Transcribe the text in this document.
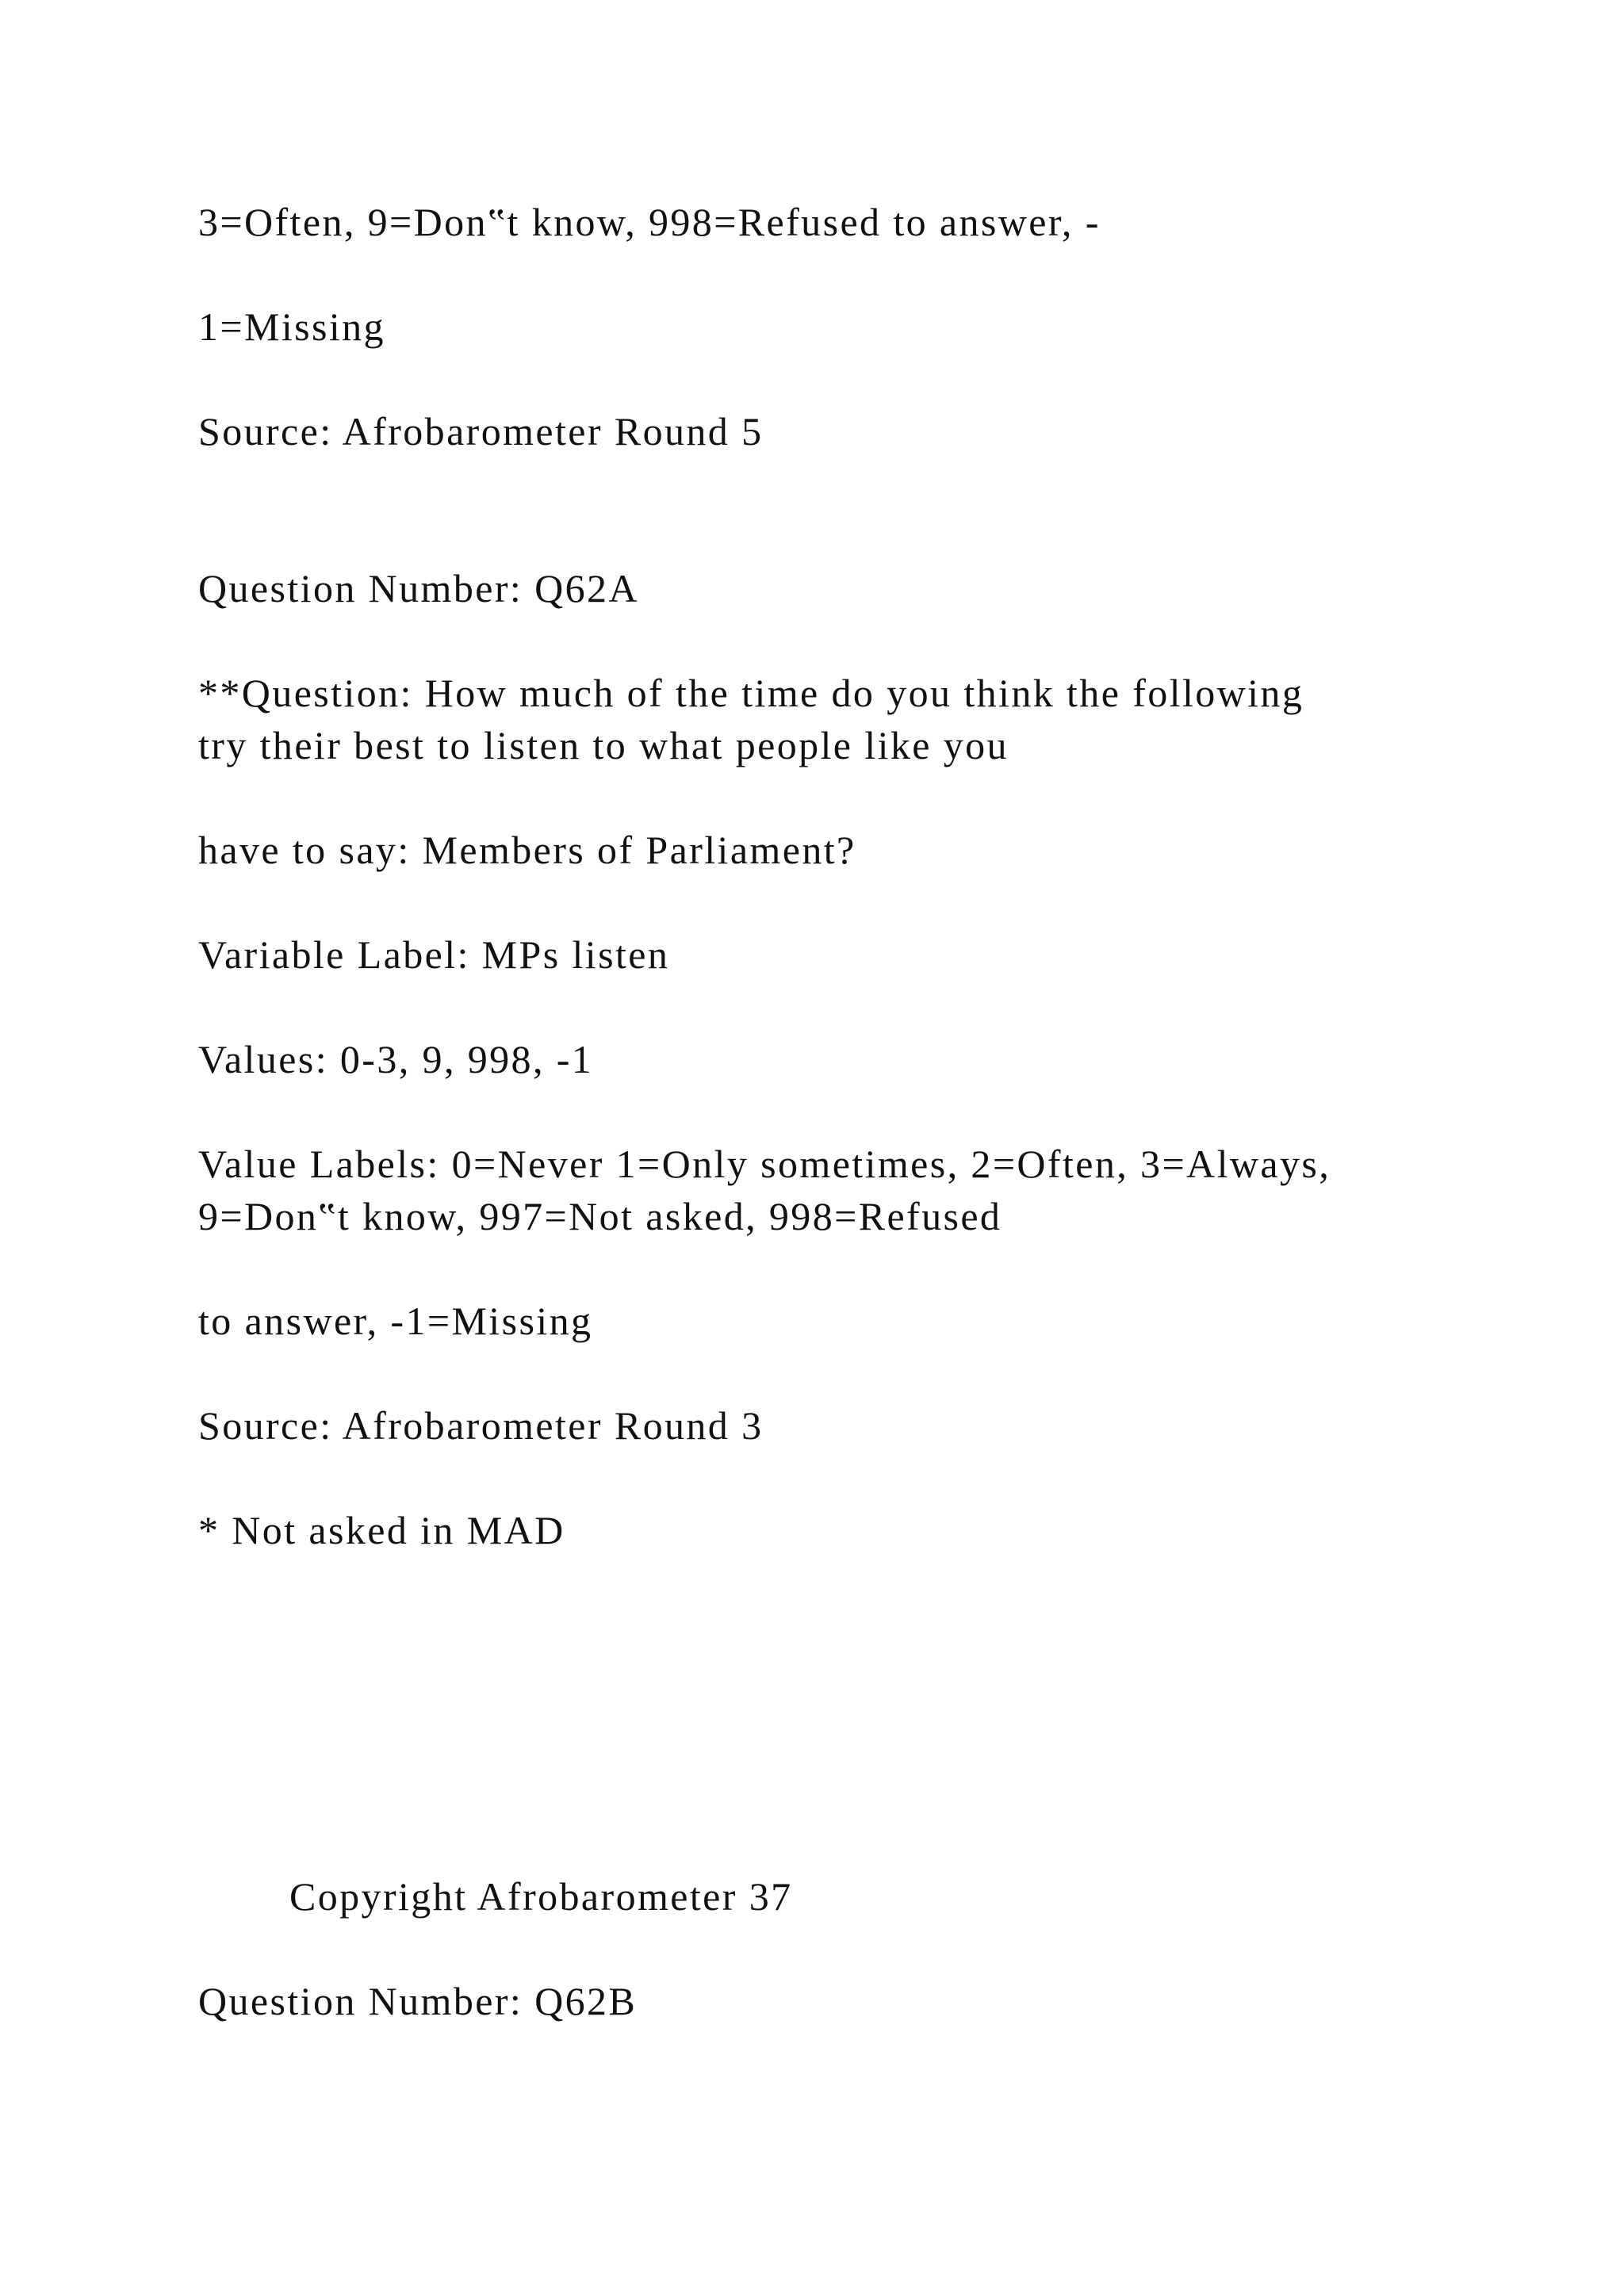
3=Often, 9=Don‟t know, 998=Refused to answer, -
1=Missing
Source: Afrobarometer Round 5
Question Number: Q62A
**Question: How much of the time do you think the following
try their best to listen to what people like you
have to say: Members of Parliament?
Variable Label: MPs listen
Values: 0-3, 9, 998, -1
Value Labels: 0=Never 1=Only sometimes, 2=Often, 3=Always,
9=Don‟t know, 997=Not asked, 998=Refused
to answer, -1=Missing
Source: Afrobarometer Round 3
* Not asked in MAD
Copyright Afrobarometer 37
Question Number: Q62B
